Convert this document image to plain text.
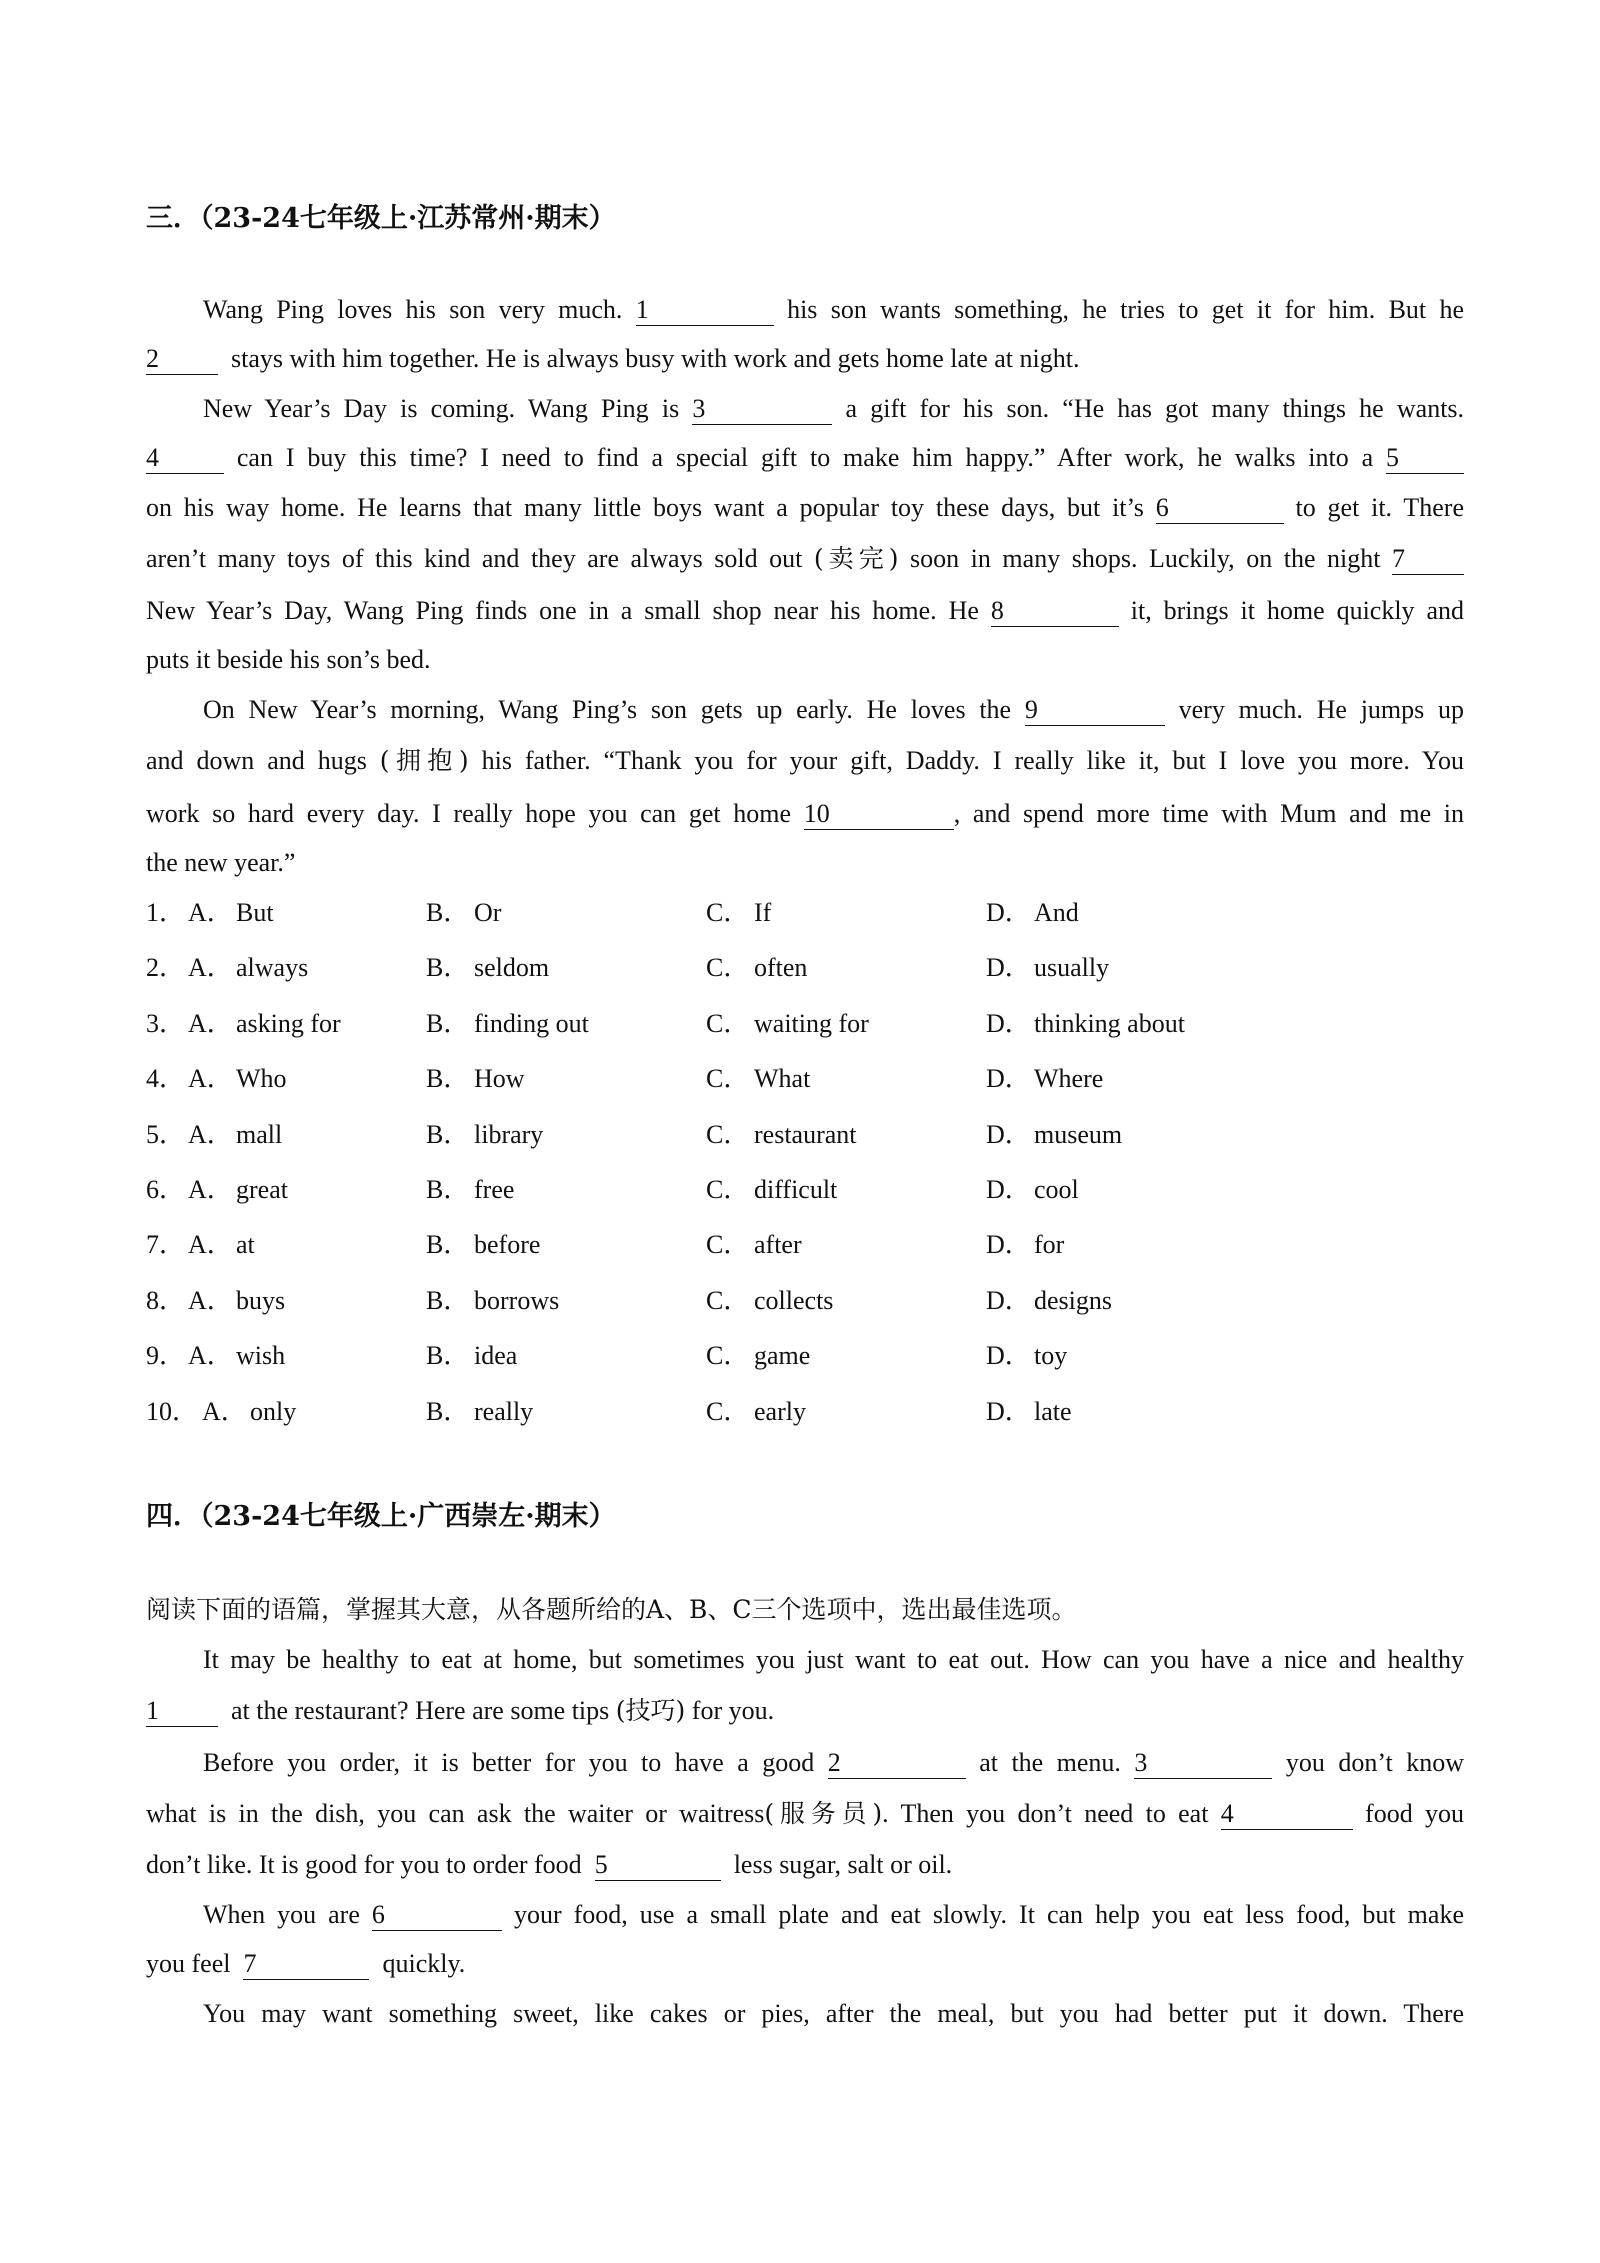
三．（23-24七年级上·江苏常州·期末）
Wang Ping loves his son very much. 1	his son wants something, he tries to get it for him. But he
2	stays with him together. He is always busy with work and gets home late at night.
New Year’s Day is coming. Wang Ping is 3	a gift for his son. “He has got many things he wants.
4	can I buy this time? I need to find a special gift to make him happy.” After work, he walks into a 5
on his way home. He learns that many little boys want a popular toy these days, but it’s 6	to get it. There
aren’t many toys of this kind and they are always sold out (卖完) soon in many shops. Luckily, on the night 7
New Year’s Day, Wang Ping finds one in a small shop near his home. He 8	it, brings it home quickly and
puts it beside his son’s bed.
On New Year’s morning, Wang Ping’s son gets up early. He loves the 9	very much. He jumps up
and down and hugs (拥抱) his father. “Thank you for your gift, Daddy. I really like it, but I love you more. You
work so hard every day. I really hope you can get home 10	, and spend more time with Mum and me in
the new year.”
1． A． But	B． Or	C． If	D． And
2． A． always	B． seldom	C． often	D． usually
3． A． asking for	B． finding out	C． waiting for	D． thinking about
4． A． Who	B． How	C． What	D． Where
5． A． mall	B． library	C． restaurant	D． museum
6． A． great	B． free	C． difficult	D． cool
7． A． at	B． before	C． after	D． for
8． A． buys	B． borrows	C． collects	D． designs
9． A． wish	B． idea	C． game	D． toy
10． A． only	B． really	C． early	D． late
四．（23-24七年级上·广西崇左·期末）
阅读下面的语篇，掌握其大意，从各题所给的A、B、C三个选项中，选出最佳选项。
It may be healthy to eat at home, but sometimes you just want to eat out. How can you have a nice and healthy
1	at the restaurant? Here are some tips (技巧) for you.
Before you order, it is better for you to have a good 2	at the menu. 3	you don’t know
what is in the dish, you can ask the waiter or waitress(服务员). Then you don’t need to eat 4	food you
don’t like. It is good for you to order food 5	less sugar, salt or oil.
When you are 6	your food, use a small plate and eat slowly. It can help you eat less food, but make
you feel 7	quickly.
You may want something sweet, like cakes or pies, after the meal, but you had better put it down. There
